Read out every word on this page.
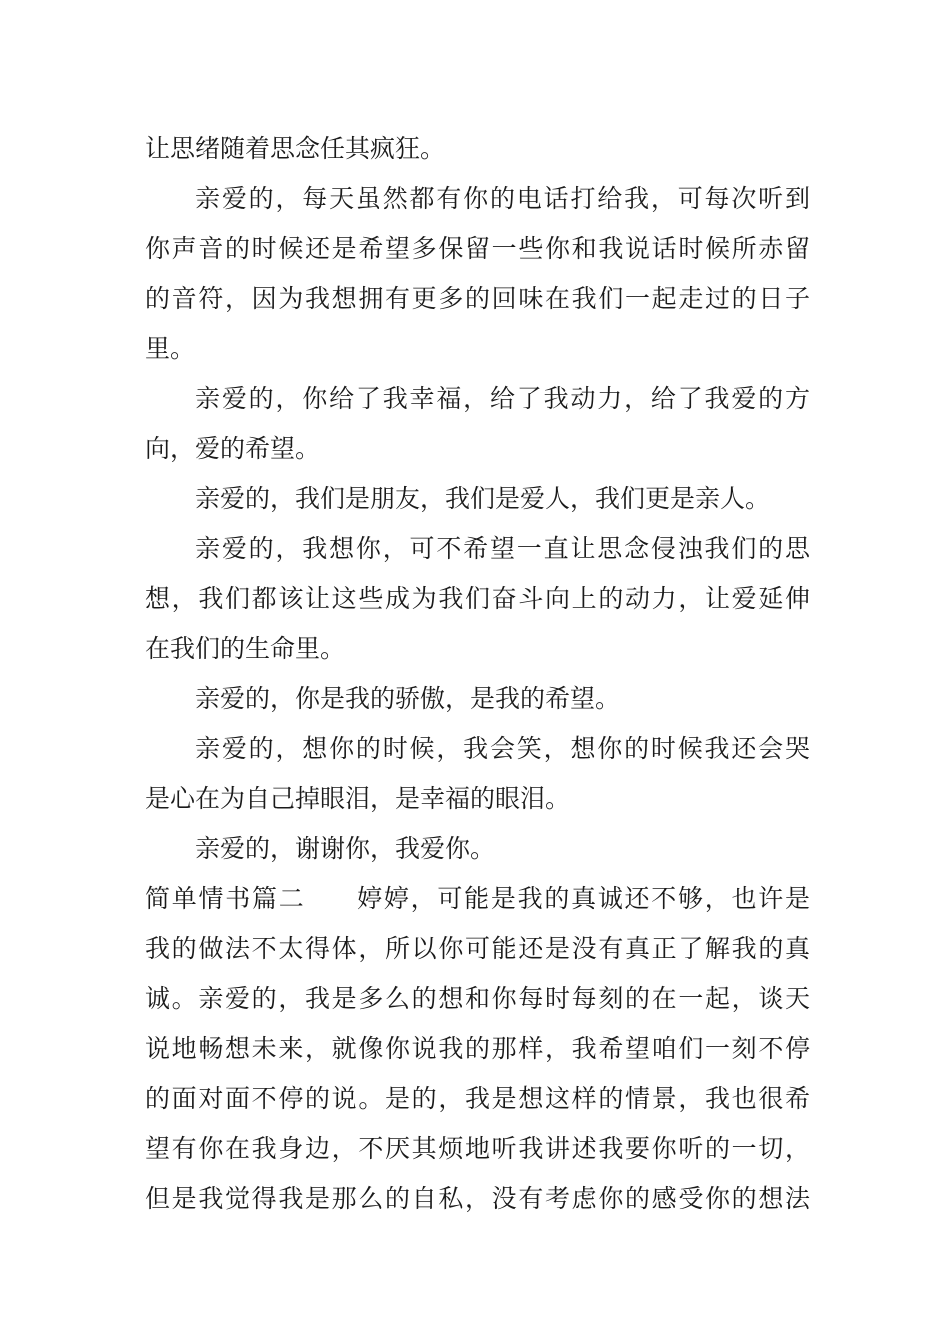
让思绪随着思念任其疯狂。
亲爱的，每天虽然都有你的电话打给我，可每次听到
你声音的时候还是希望多保留一些你和我说话时候所赤留
的音符，因为我想拥有更多的回味在我们一起走过的日子
里。
亲爱的，你给了我幸福，给了我动力，给了我爱的方
向，爱的希望。
亲爱的，我们是朋友，我们是爱人，我们更是亲人。
亲爱的，我想你，可不希望一直让思念侵浊我们的思
想，我们都该让这些成为我们奋斗向上的动力，让爱延伸
在我们的生命里。
亲爱的，你是我的骄傲，是我的希望。
亲爱的，想你的时候，我会笑，想你的时候我还会哭
是心在为自己掉眼泪，是幸福的眼泪。
亲爱的，谢谢你，我爱你。
简单情书篇二 婷婷，可能是我的真诚还不够，也许是
我的做法不太得体，所以你可能还是没有真正了解我的真
诚。亲爱的，我是多么的想和你每时每刻的在一起，谈天
说地畅想未来，就像你说我的那样，我希望咱们一刻不停
的面对面不停的说。是的，我是想这样的情景，我也很希
望有你在我身边，不厌其烦地听我讲述我要你听的一切，
但是我觉得我是那么的自私，没有考虑你的感受你的想法
